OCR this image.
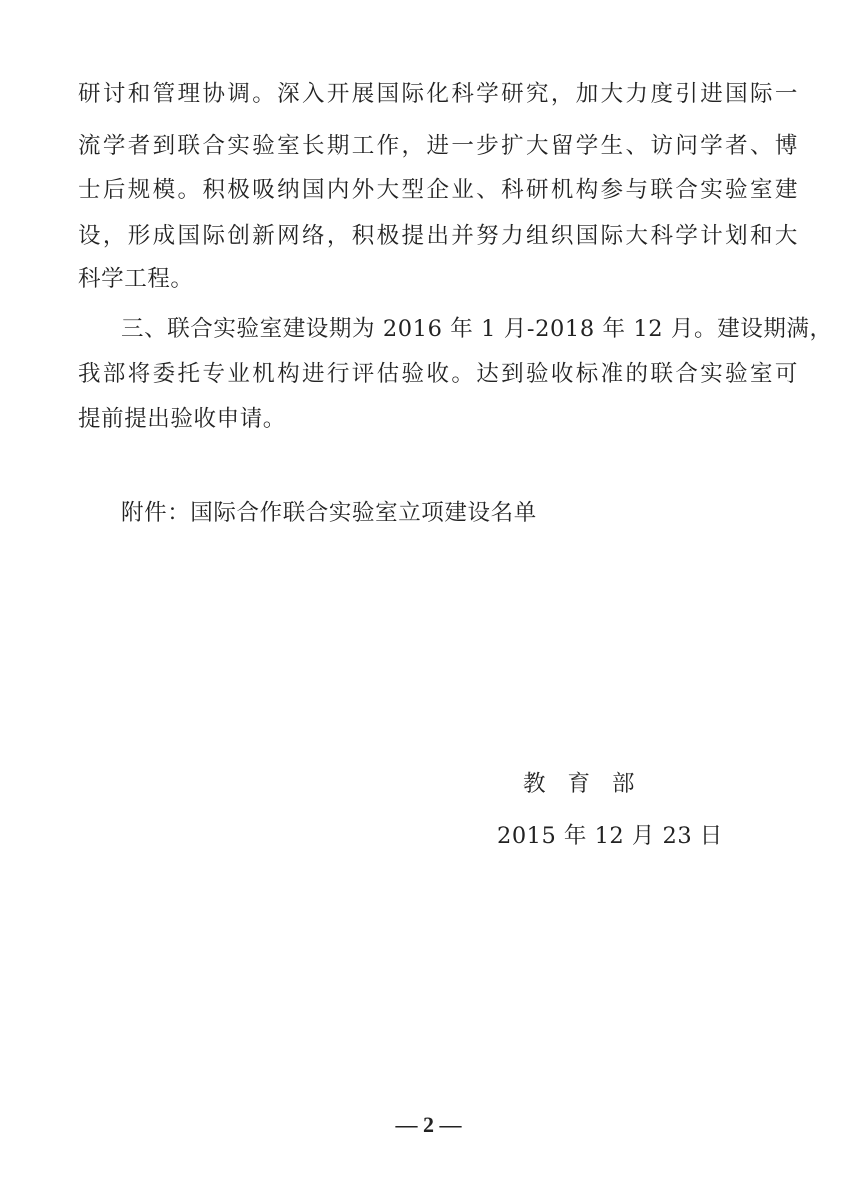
研讨和管理协调。深入开展国际化科学研究，加大力度引进国际一
流学者到联合实验室长期工作，进一步扩大留学生、访问学者、博
士后规模。积极吸纳国内外大型企业、科研机构参与联合实验室建
设，形成国际创新网络，积极提出并努力组织国际大科学计划和大
科学工程。
三、联合实验室建设期为 2016 年 1 月-2018 年 12 月。建设期满，
我部将委托专业机构进行评估验收。达到验收标准的联合实验室可
提前提出验收申请。
附件：国际合作联合实验室立项建设名单
教育部
2015 年 12 月 23 日
— 2 —
